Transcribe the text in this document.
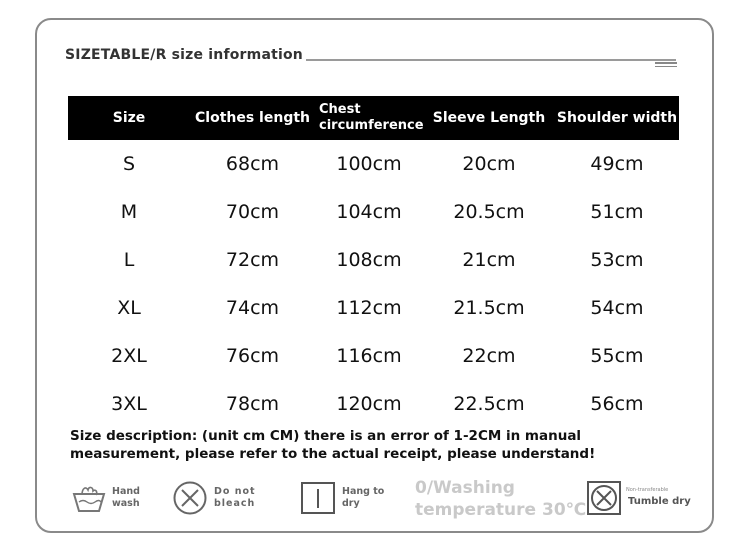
SIZETABLE/R size information
Size	Clothes length	Chest circumference	Sleeve Length	Shoulder width
S	68cm	100cm	20cm	49cm
M	70cm	104cm	20.5cm	51cm
L	72cm	108cm	21cm	53cm
XL	74cm	112cm	21.5cm	54cm
2XL	76cm	116cm	22cm	55cm
3XL	78cm	120cm	22.5cm	56cm
Size description: (unit cm CM) there is an error of 1-2CM in manual measurement, please refer to the actual receipt, please understand!
Hand
wash
Do not
bleach
Hang to
dry
0/Washing
temperature 30℃
Non-transferable
Tumble dry
